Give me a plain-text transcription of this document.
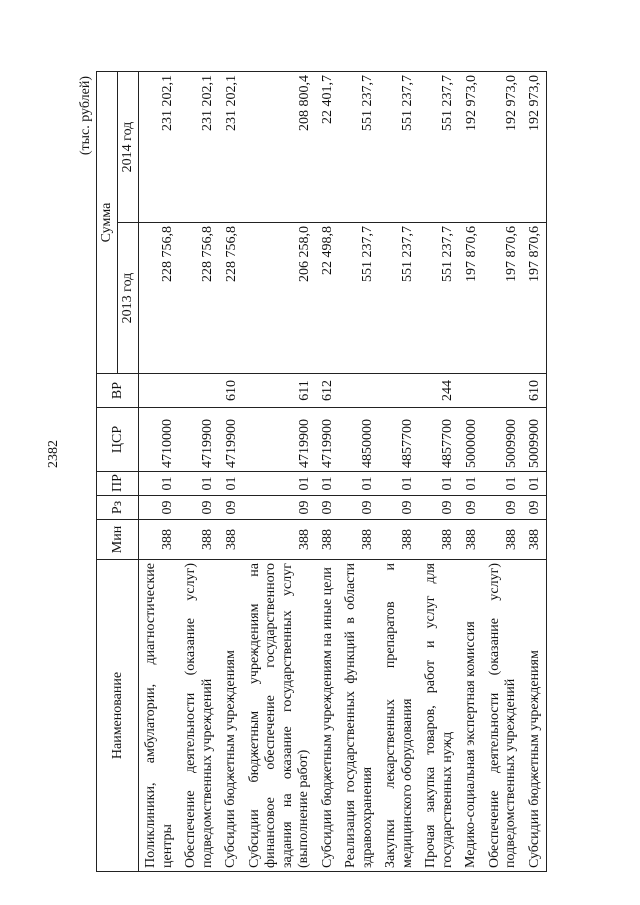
2382
(тыс. рублей)
Наименование	Мин	Рз	ПР	ЦСР	ВР	Сумма	
						2013 год	2014 год
Поликлиники, амбулатории, диагностические центры	388	09	01	4710000		228 756,8	231 202,1
Обеспечение деятельности (оказание услуг) подведомственных учреждений	388	09	01	4719900		228 756,8	231 202,1
Субсидии бюджетным учреждениям	388	09	01	4719900	610	228 756,8	231 202,1
Субсидии бюджетным учреждениям на финансовое обеспечение государственного задания на оказание государственных услуг (выполнение работ)	388	09	01	4719900	611	206 258,0	208 800,4
Субсидии бюджетным учреждениям на иные цели	388	09	01	4719900	612	22 498,8	22 401,7
Реализация государственных функций в области здравоохранения	388	09	01	4850000		551 237,7	551 237,7
Закупки лекарственных препаратов и медицинского оборудования	388	09	01	4857700		551 237,7	551 237,7
Прочая закупка товаров, работ и услуг для государственных нужд	388	09	01	4857700	244	551 237,7	551 237,7
Медико-социальная экспертная комиссия	388	09	01	5000000		197 870,6	192 973,0
Обеспечение деятельности (оказание услуг) подведомственных учреждений	388	09	01	5009900		197 870,6	192 973,0
Субсидии бюджетным учреждениям	388	09	01	5009900	610	197 870,6	192 973,0
